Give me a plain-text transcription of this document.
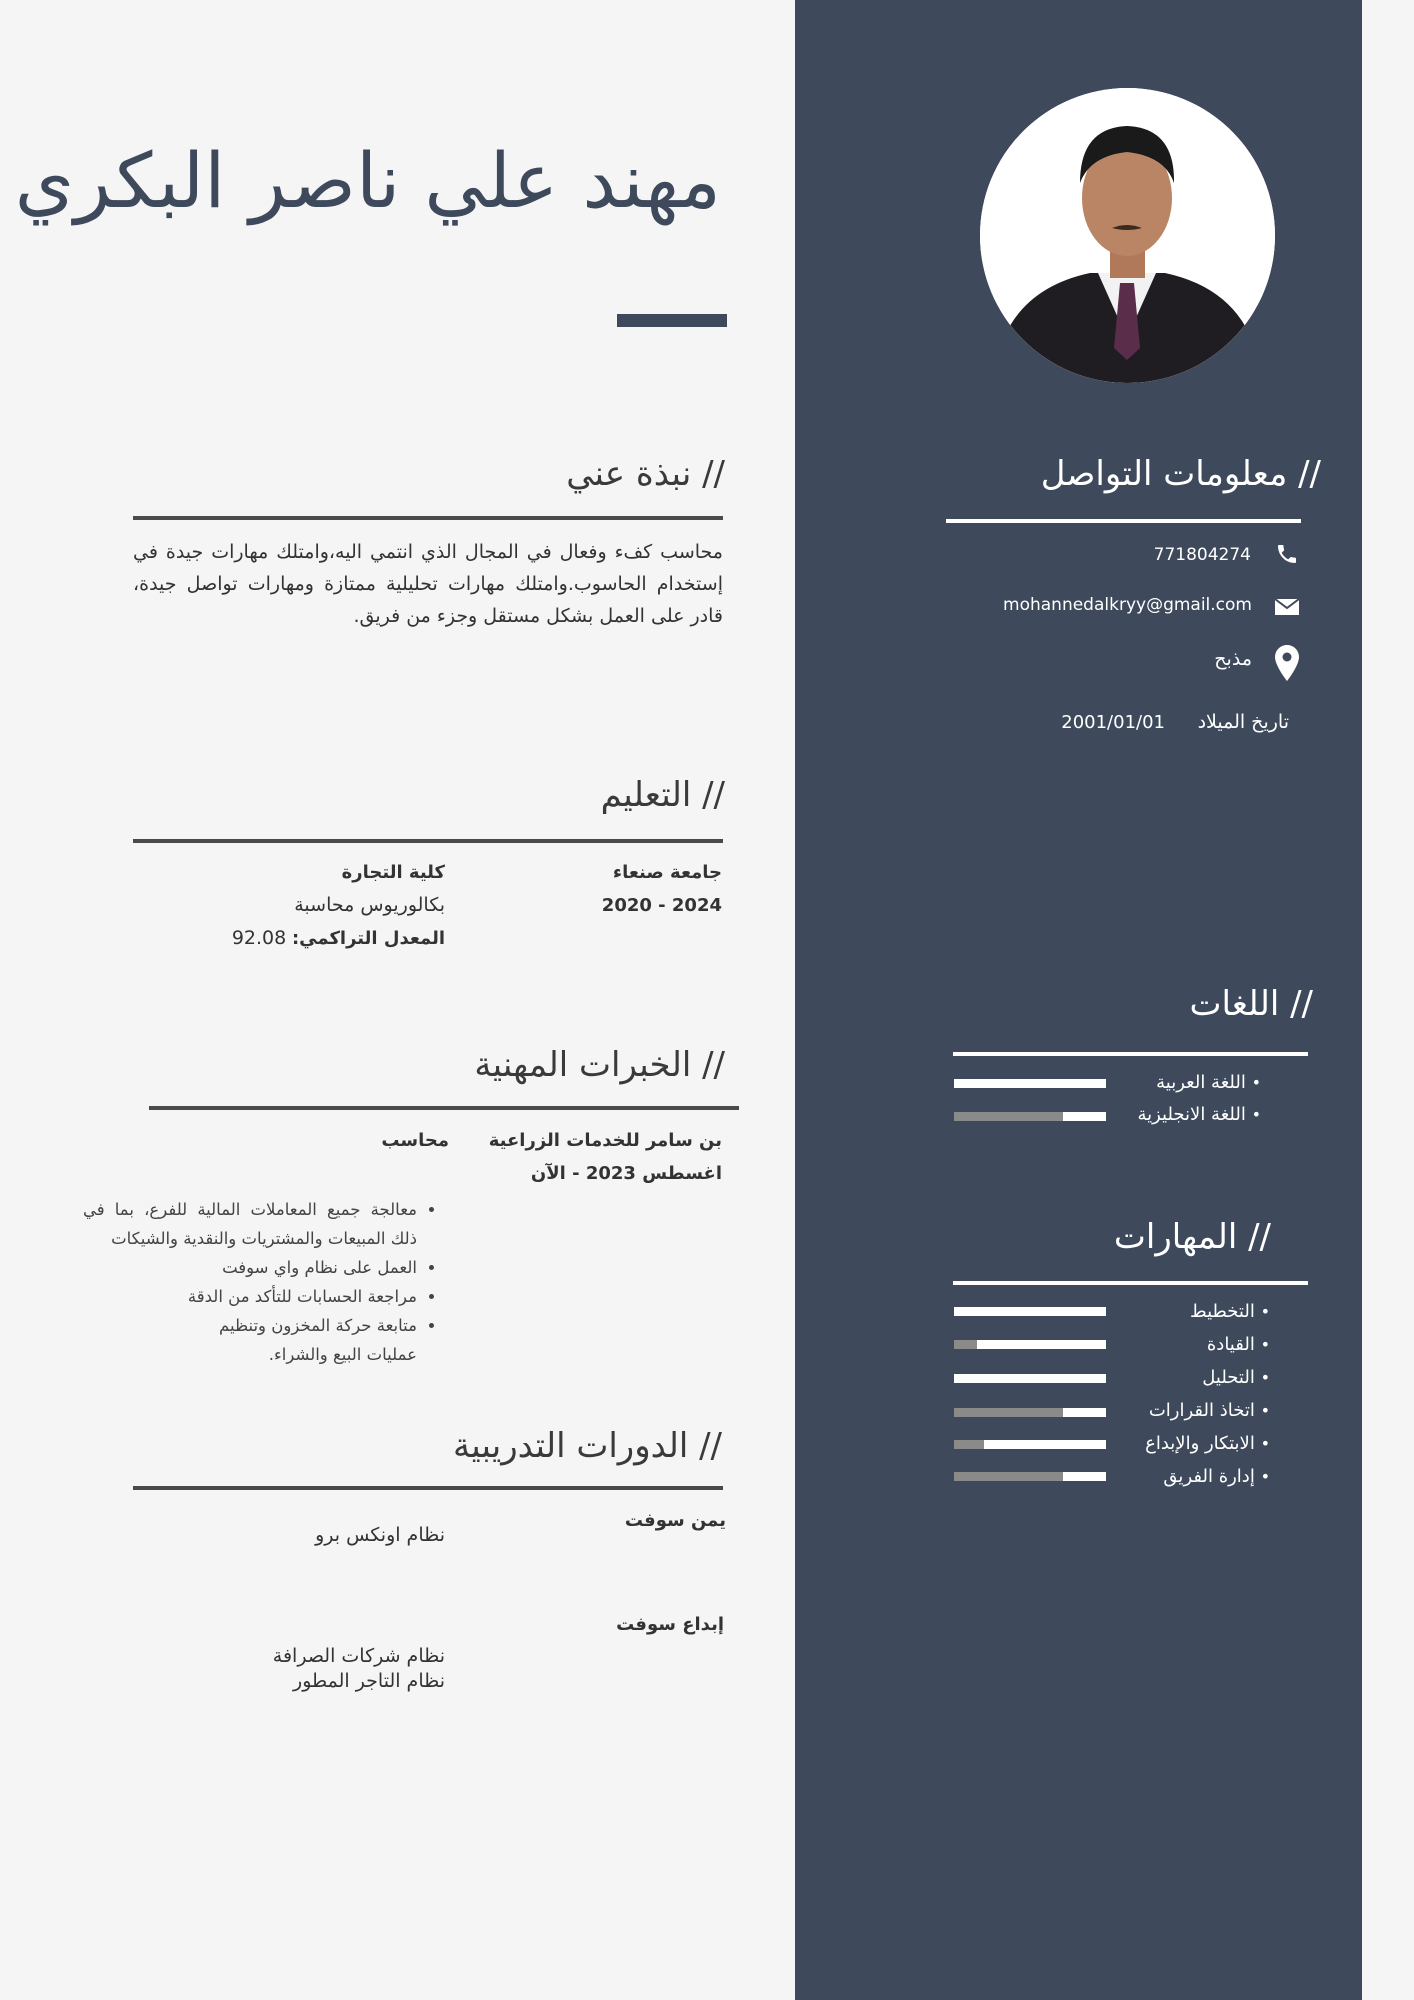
مهند علي ناصر البكري
// نبذة عني
محاسب كفء وفعال في المجال الذي انتمي اليه،وامتلك مهارات جيدة في إستخدام الحاسوب.وامتلك مهارات تحليلية ممتازة ومهارات تواصل جيدة، قادر على العمل بشكل مستقل وجزء من فريق.
// التعليم
جامعة صنعاء
2020 - 2024
كلية التجارة
بكالوريوس محاسبة
المعدل التراكمي: 92.08
// الخبرات المهنية
بن سامر للخدمات الزراعية
اغسطس 2023 - الآن
محاسب
• معالجة جميع المعاملات المالية للفرع، بما في ذلك المبيعات والمشتريات والنقدية والشيكات
• العمل على نظام واي سوفت
• مراجعة الحسابات للتأكد من الدقة
• متابعة حركة المخزون وتنظيم عمليات البيع والشراء.
// الدورات التدريبية
يمن سوفت
نظام اونكس برو
إبداع سوفت
نظام شركات الصرافة
نظام التاجر المطور
// معلومات التواصل
771804274
mohannedalkryy@gmail.com
مذبح
تاريخ الميلاد
2001/01/01
// اللغات
• اللغة العربية
• اللغة الانجليزية
// المهارات
• التخطيط
• القيادة
• التحليل
• اتخاذ القرارات
• الابتكار والإبداع
• إدارة الفريق
